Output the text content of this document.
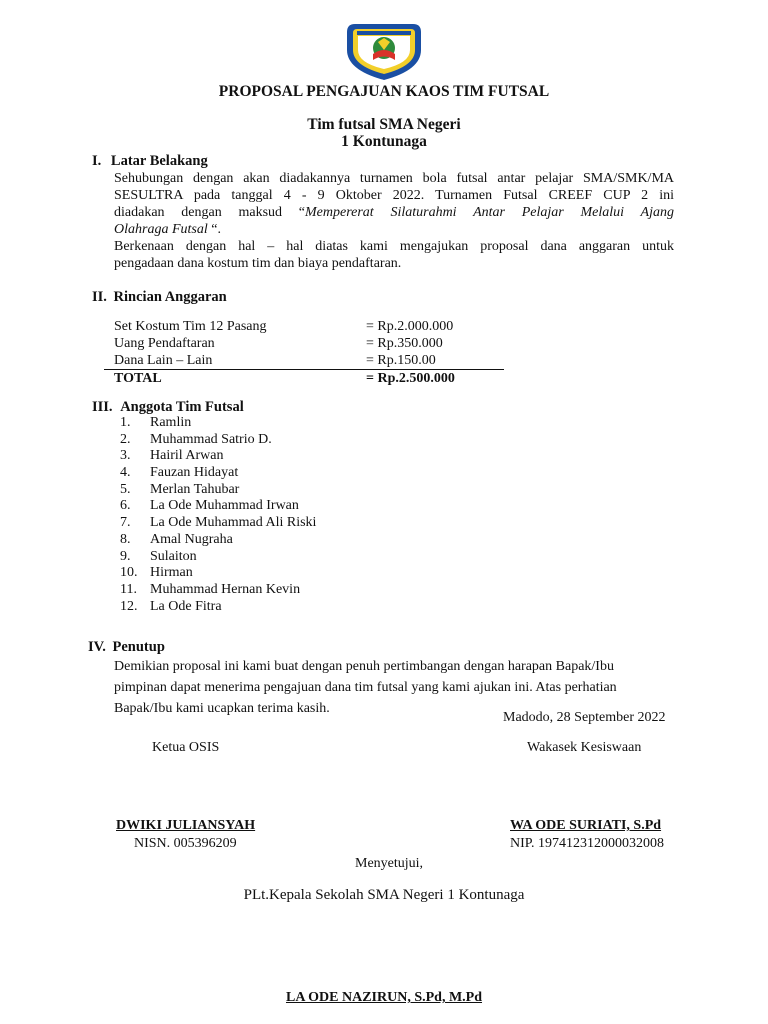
PROPOSAL PENGAJUAN KAOS TIM FUTSAL
Tim futsal SMA Negeri
1 Kontunaga
I. Latar Belakang
Sehubungan dengan akan diadakannya turnamen bola futsal antar pelajar SMA/SMK/MA
SESULTRA pada tanggal 4 - 9 Oktober 2022. Turnamen Futsal CREEF CUP 2 ini
diadakan dengan maksud “Mempererat Silaturahmi Antar Pelajar Melalui Ajang
Olahraga Futsal “.
Berkenaan dengan hal – hal diatas kami mengajukan proposal dana anggaran untuk
pengadaan dana kostum tim dan biaya pendaftaran.
II. Rincian Anggaran
Set Kostum Tim 12 Pasang	= Rp.2.000.000
Uang Pendaftaran	= Rp.350.000
Dana Lain – Lain	= Rp.150.00
TOTAL	= Rp.2.500.000
III. Anggota Tim Futsal
1. Ramlin
2. Muhammad Satrio D.
3. Hairil Arwan
4. Fauzan Hidayat
5. Merlan Tahubar
6. La Ode Muhammad Irwan
7. La Ode Muhammad Ali Riski
8. Amal Nugraha
9. Sulaiton
10. Hirman
11. Muhammad Hernan Kevin
12. La Ode Fitra
IV. Penutup
Demikian proposal ini kami buat dengan penuh pertimbangan dengan harapan Bapak/Ibu
pimpinan dapat menerima pengajuan dana tim futsal yang kami ajukan ini. Atas perhatian
Bapak/Ibu kami ucapkan terima kasih.
Madodo, 28 September 2022
Ketua OSIS	Wakasek Kesiswaan
DWIKI JULIANSYAH
NISN. 005396209
WA ODE SURIATI, S.Pd
NIP. 197412312000032008
Menyetujui,
PLt.Kepala Sekolah SMA Negeri 1 Kontunaga
LA ODE NAZIRUN, S.Pd, M.Pd
